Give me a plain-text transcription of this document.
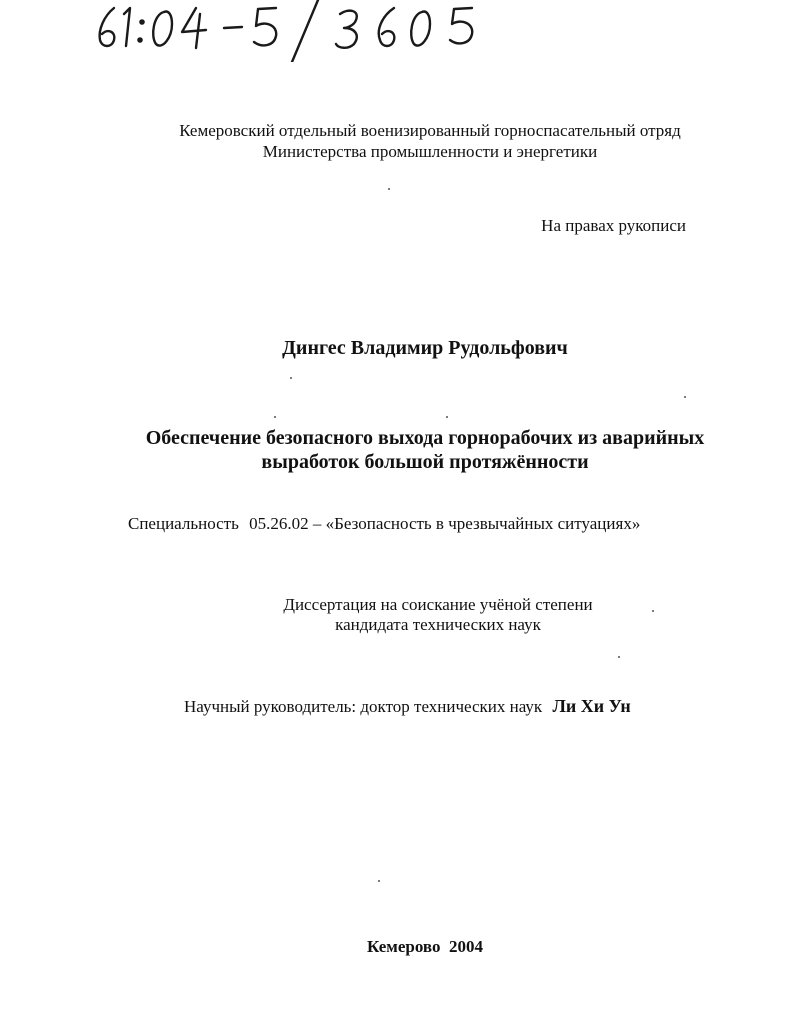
Кемеровский отдельный военизированный горноспасательный отряд
Министерства промышленности и энергетики
На правах рукописи
Дингес Владимир Рудольфович
Обеспечение безопасного выхода горнорабочих из аварийных
выработок большой протяжённости
Специальность 05.26.02 – «Безопасность в чрезвычайных ситуациях»
Диссертация на соискание учёной степени
кандидата технических наук
Научный руководитель: доктор технических наук Ли Хи Ун
Кемерово  2004
